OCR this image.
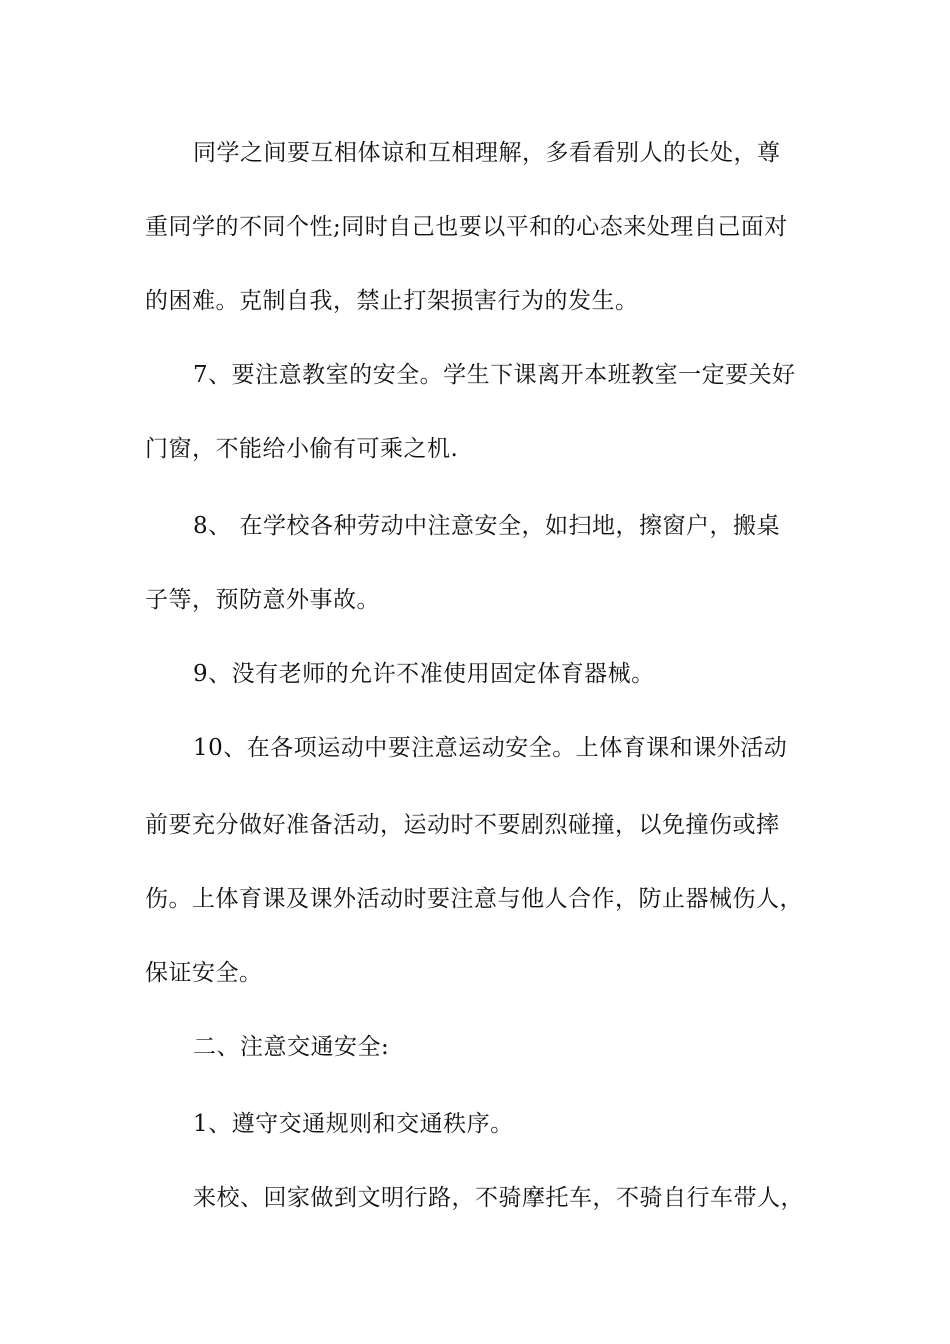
同学之间要互相体谅和互相理解，多看看别人的长处，尊
重同学的不同个性;同时自己也要以平和的心态来处理自己面对
的困难。克制自我，禁止打架损害行为的发生。
7、要注意教室的安全。学生下课离开本班教室一定要关好
门窗，不能给小偷有可乘之机.
8、 在学校各种劳动中注意安全，如扫地，擦窗户，搬桌
子等，预防意外事故。
9、没有老师的允许不准使用固定体育器械。
10、在各项运动中要注意运动安全。上体育课和课外活动
前要充分做好准备活动，运动时不要剧烈碰撞，以免撞伤或摔
伤。上体育课及课外活动时要注意与他人合作，防止器械伤人，
保证安全。
二、注意交通安全:
1、遵守交通规则和交通秩序。
来校、回家做到文明行路，不骑摩托车，不骑自行车带人，
